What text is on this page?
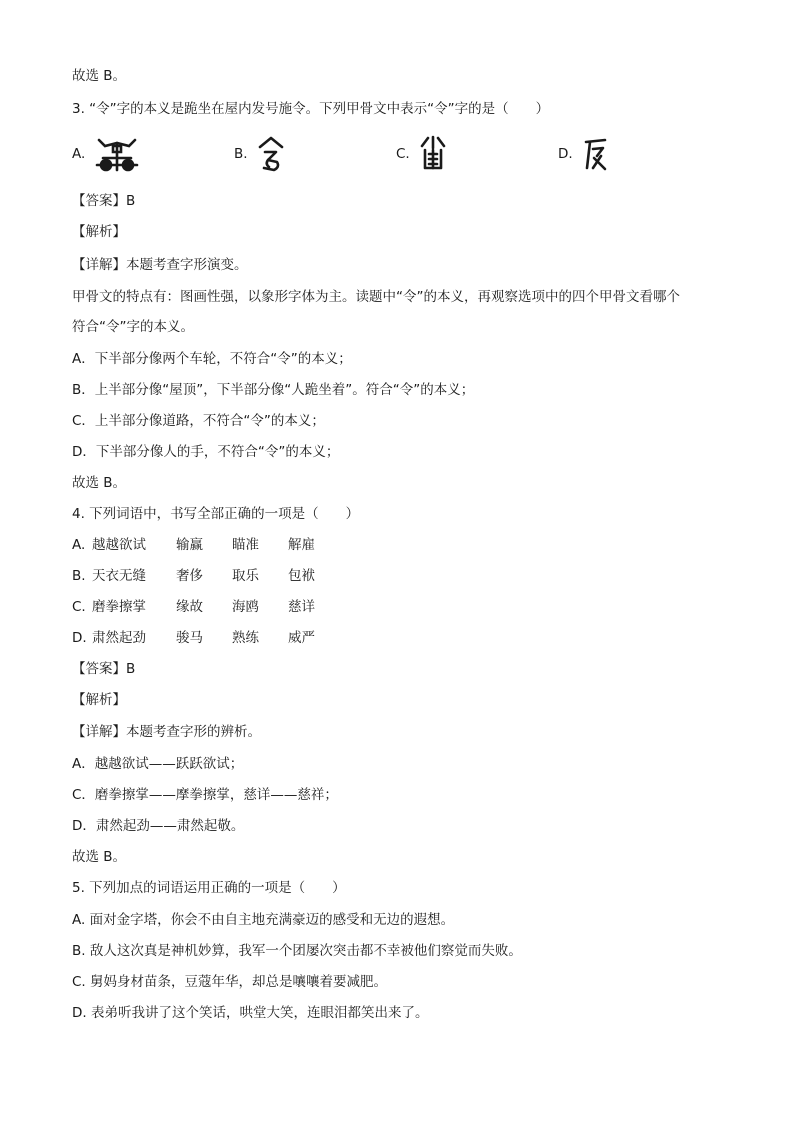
故选 B。
3. “令”字的本义是跪坐在屋内发号施令。下列甲骨文中表示“令”字的是（　　）
A.	B.	C.	D.
【答案】B
【解析】
【详解】本题考查字形演变。
甲骨文的特点有：图画性强，以象形字体为主。读题中“令”的本义，再观察选项中的四个甲骨文看哪个
符合“令”字的本义。
A．下半部分像两个车轮，不符合“令”的本义；
B．上半部分像“屋顶”，下半部分像“人跪坐着”。符合“令”的本义；
C．上半部分像道路，不符合“令”的本义；
D．下半部分像人的手，不符合“令”的本义；
故选 B。
4. 下列词语中，书写全部正确的一项是（　　）
A. 越越欲试 输赢 瞄准 解雇
B. 天衣无缝 奢侈 取乐 包袱
C. 磨拳擦掌 缘故 海鸥 慈详
D. 肃然起劲 骏马 熟练 威严
【答案】B
【解析】
【详解】本题考查字形的辨析。
A．越越欲试——跃跃欲试；
C．磨拳擦掌——摩拳擦掌，慈详——慈祥；
D．肃然起劲——肃然起敬。
故选 B。
5. 下列加点的词语运用正确的一项是（　　）
A. 面对金字塔，你会不由自主地充满豪迈的感受和无边的遐想。
B. 敌人这次真是神机妙算，我军一个团屡次突击都不幸被他们察觉而失败。
C. 舅妈身材苗条，豆蔻年华，却总是嚷嚷着要减肥。
D. 表弟听我讲了这个笑话，哄堂大笑，连眼泪都笑出来了。
